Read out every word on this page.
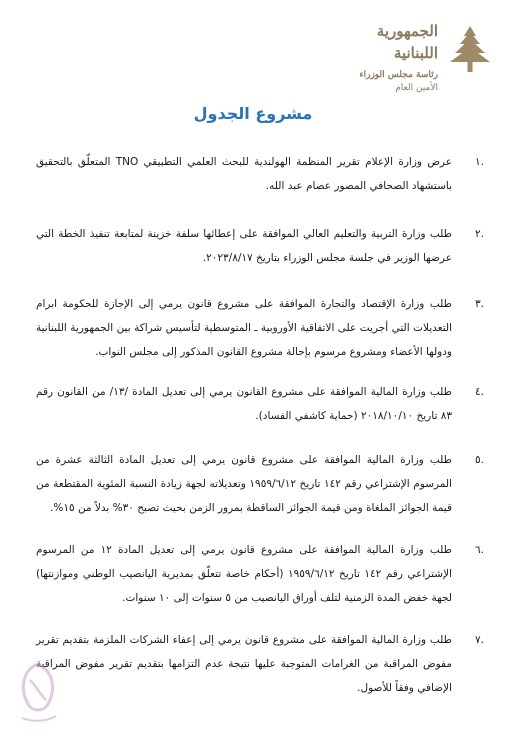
الجمهورية
اللبنانية
رئاسة مجلس الوزراء
الأمين العام
مشروع الجدول
.١
عرض وزارة الإعلام تقرير المنظمة الهولندية للبحث العلمي التطبيقي TNO المتعلّق بالتحقيق باستشهاد الصحافي المصور عصام عبد الله.
.٢
طلب وزارة التربية والتعليم العالي الموافقة على إعطائها سلفة خزينة لمتابعة تنفيذ الخطة التي عرضها الوزير في جلسة مجلس الوزراء بتاريخ ٢٠٢٣/٨/١٧.
.٣
طلب وزارة الإقتصاد والتجارة الموافقة على مشروع قانون يرمي إلى الإجازة للحكومة ابرام التعديلات التي أجريت على الاتفاقية الأوروبية ـ المتوسطية لتأسيس شراكة بين الجمهورية اللبنانية ودولها الأعضاء ومشروع مرسوم بإحالة مشروع القانون المذكور إلى مجلس النواب.
.٤
طلب وزارة المالية الموافقة على مشروع القانون يرمي إلى تعديل المادة /١٣/ من القانون رقم ٨٣ تاريخ ٢٠١٨/١٠/١٠ (حماية كاشفي الفساد).
.٥
طلب وزارة المالية الموافقة على مشروع قانون يرمي إلى تعديل المادة الثالثة عشرة من المرسوم الإشتراعي رقم ١٤٢ تاريخ ١٩٥٩/٦/١٢ وتعديلاته لجهة زيادة النسبة المئوية المقتطعة من قيمة الجوائز الملغاة ومن قيمة الجوائز الساقطة بمرور الزمن بحيث تصبح ٣٠% بدلاً من ١٥%.
.٦
طلب وزارة المالية الموافقة على مشروع قانون يرمي إلى تعديل المادة ١٢ من المرسوم الإشتراعي رقم ١٤٢ تاريخ ١٩٥٩/٦/١٢ (أحكام خاصة تتعلّق بمديرية اليانصيب الوطني وموازنتها) لجهة خفض المدة الزمنية لتلف أوراق اليانصيب من ٥ سنوات إلى ١٠ سنوات.
.٧
طلب وزارة المالية الموافقة على مشروع قانون يرمي إلى إعفاء الشركات الملزمة بتقديم تقرير مفوض المراقبة من الغرامات المتوجبة عليها نتيجة عدم التزامها بتقديم تقرير مفوض المراقبة الإضافي وفقاً للأصول.
